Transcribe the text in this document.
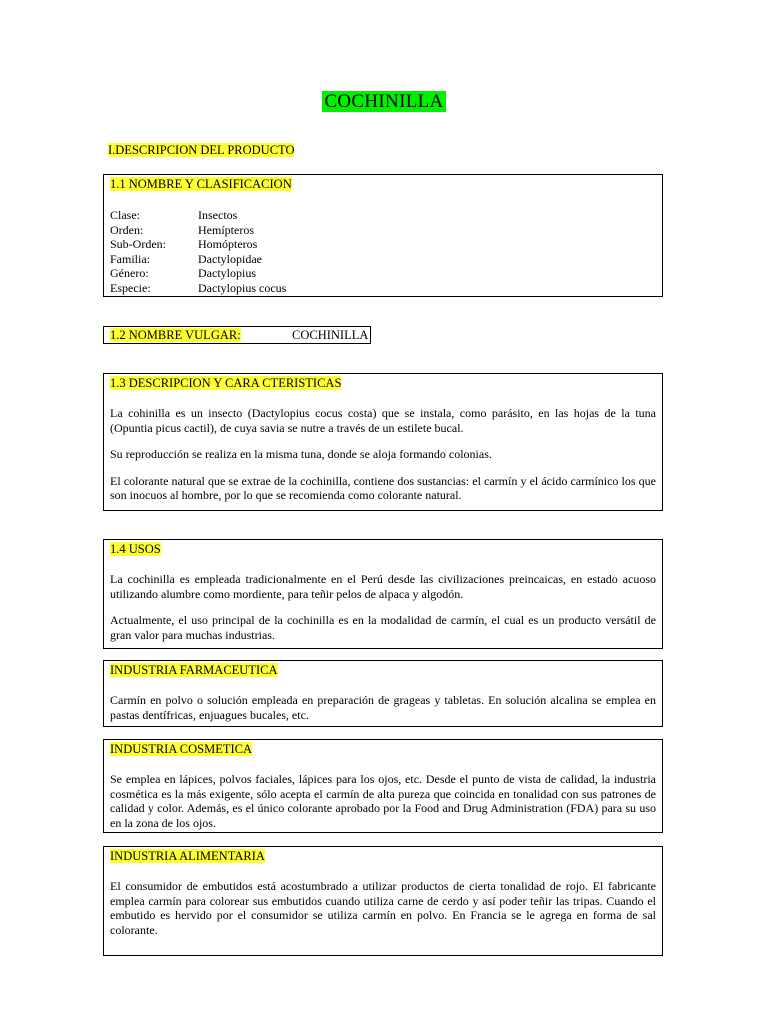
COCHINILLA
I.DESCRIPCION DEL PRODUCTO
1.1 NOMBRE Y CLASIFICACION
Clase:	Insectos
Orden:	Hemípteros
Sub-Orden:	Homópteros
Familia:	Dactylopidae
Género:	Dactylopius
Especie:	Dactylopius cocus
1.2 NOMBRE VULGAR:	COCHINILLA
1.3 DESCRIPCION Y CARA CTERISTICAS

La cohinilla es un insecto (Dactylopius cocus costa) que se instala, como parásito, en las hojas de la tuna (Opuntia picus cactil), de cuya savia se nutre a través de un estilete bucal.

Su reproducción se realiza en la misma tuna, donde se aloja formando colonias.

El colorante natural que se extrae de la cochinilla, contiene dos sustancias: el carmín y el ácido carmínico los que son inocuos al hombre, por lo que se recomienda como colorante natural.

1.4 USOS

La cochinilla es empleada tradicionalmente en el Perú desde las civilizaciones preincaicas, en estado acuoso utilizando alumbre como mordiente, para teñir pelos de alpaca y algodón.

Actualmente, el uso principal de la cochinilla es en la modalidad de carmín, el cual es un producto versátil de gran valor para muchas industrias.

INDUSTRIA FARMACEUTICA

Carmín en polvo o solución empleada en preparación de grageas y tabletas. En solución alcalina se emplea en pastas dentífricas, enjuagues bucales, etc.

INDUSTRIA COSMETICA

Se emplea en lápices, polvos faciales, lápices para los ojos, etc. Desde el punto de vista de calidad, la industria cosmética es la más exigente, sólo acepta el carmín de alta pureza que coincida en tonalidad con sus patrones de calidad y color. Además, es el único colorante aprobado por la Food and Drug Administration (FDA) para su uso en la zona de los ojos.

INDUSTRIA ALIMENTARIA

El consumidor de embutidos está acostumbrado a utilizar productos de cierta tonalidad de rojo. El fabricante emplea carmín para colorear sus embutidos cuando utiliza carne de cerdo y así poder teñir las tripas. Cuando el embutido es hervido por el consumidor se utiliza carmín en polvo. En Francia se le agrega en forma de sal colorante.
